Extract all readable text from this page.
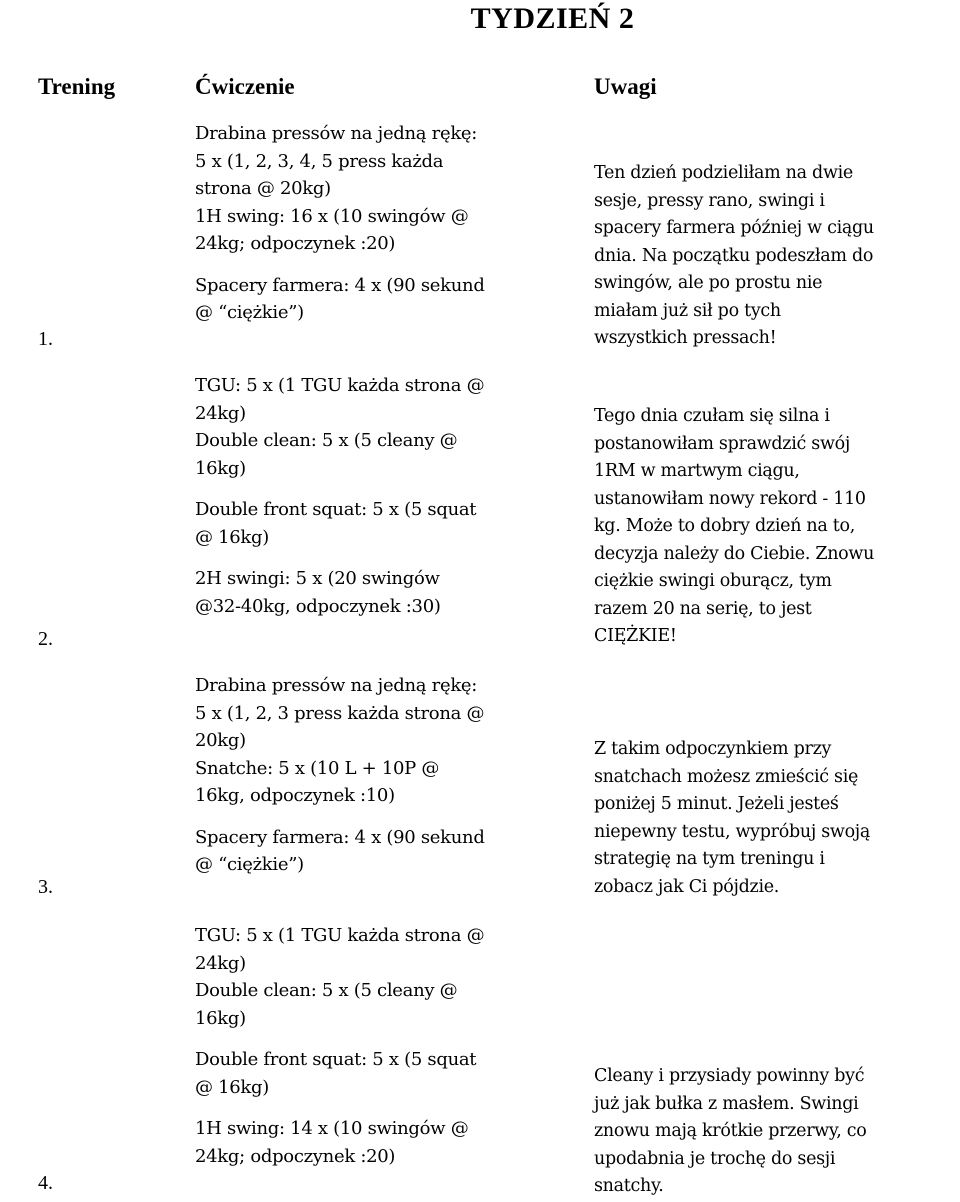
TYDZIEŃ 2
Trening	Ćwiczenie	Uwagi
1.
Drabina pressów na jedną rękę:
5 x (1, 2, 3, 4, 5 press każda
strona @ 20kg)
1H swing: 16 x (10 swingów @
24kg; odpoczynek :20)
Spacery farmera: 4 x (90 sekund
@ “ciężkie”)
Ten dzień podzieliłam na dwie
sesje, pressy rano, swingi i
spacery farmera później w ciągu
dnia. Na początku podeszłam do
swingów, ale po prostu nie
miałam już sił po tych
wszystkich pressach!
2.
TGU: 5 x (1 TGU każda strona @
24kg)
Double clean: 5 x (5 cleany @
16kg)
Double front squat: 5 x (5 squat
@ 16kg)
2H swingi: 5 x (20 swingów
@32-40kg, odpoczynek :30)
Tego dnia czułam się silna i
postanowiłam sprawdzić swój
1RM w martwym ciągu,
ustanowiłam nowy rekord - 110
kg. Może to dobry dzień na to,
decyzja należy do Ciebie. Znowu
ciężkie swingi oburącz, tym
razem 20 na serię, to jest
CIĘŻKIE!
3.
Drabina pressów na jedną rękę:
5 x (1, 2, 3 press każda strona @
20kg)
Snatche: 5 x (10 L + 10P @
16kg, odpoczynek :10)
Spacery farmera: 4 x (90 sekund
@ “ciężkie”)
Z takim odpoczynkiem przy
snatchach możesz zmieścić się
poniżej 5 minut. Jeżeli jesteś
niepewny testu, wypróbuj swoją
strategię na tym treningu i
zobacz jak Ci pójdzie.
4.
TGU: 5 x (1 TGU każda strona @
24kg)
Double clean: 5 x (5 cleany @
16kg)
Double front squat: 5 x (5 squat
@ 16kg)
1H swing: 14 x (10 swingów @
24kg; odpoczynek :20)
Cleany i przysiady powinny być
już jak bułka z masłem. Swingi
znowu mają krótkie przerwy, co
upodabnia je trochę do sesji
snatchy.
